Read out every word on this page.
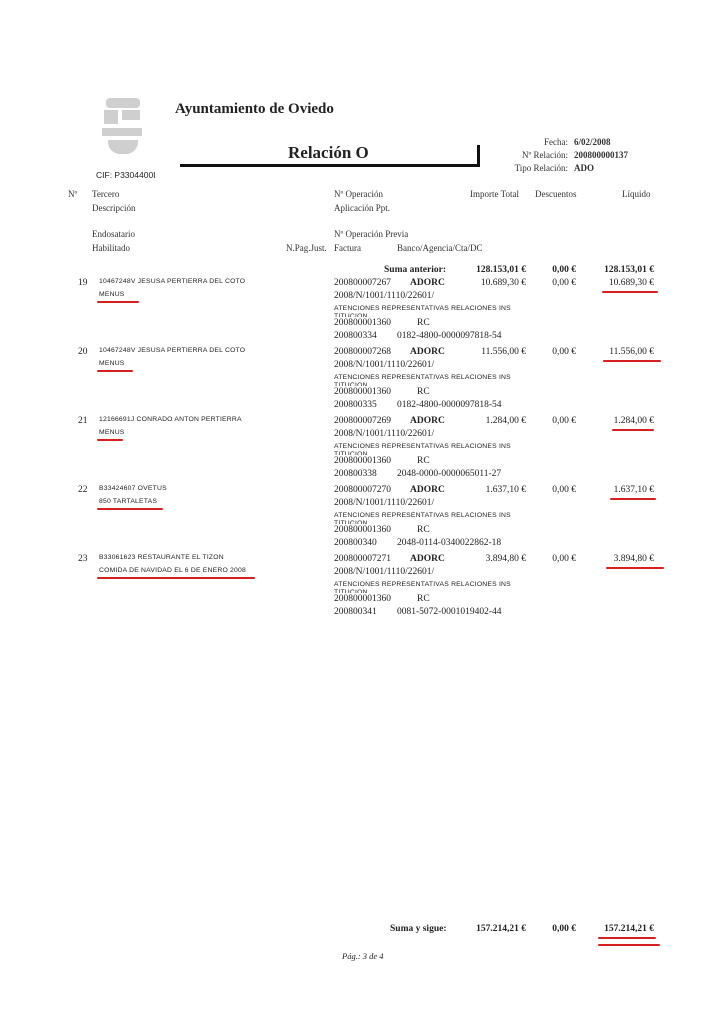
Ayuntamiento de Oviedo
Relación O
CIF: P3304400I
Fecha: 6/02/2008
Nº Relación: 200800000137
Tipo Relación: ADO
Nº Tercero
Descripción
Endosatario
Habilitado	N.Pag.Just.
Nº Operación
Aplicación Ppt.
Nº Operación Previa
Factura	Banco/Agencia/Cta/DC
Importe Total Descuentos	Líquido
Suma anterior:	128.153,01 €	0,00 €	128.153,01 €
19 10467248V JESUSA PERTIERRA DEL COTO
MENUS
200800007267 ADORC	10.689,30 €	0,00 €	10.689,30 €
2008/N/1001/1110/22601/
ATENCIONES REPRESENTATIVAS RELACIONES INS
TITUCION
200800001360	RC
200800334 0182-4800-0000097818-54
20 10467248V JESUSA PERTIERRA DEL COTO
MENUS
200800007268 ADORC	11.556,00 €	0,00 €	11.556,00 €
2008/N/1001/1110/22601/
ATENCIONES REPRESENTATIVAS RELACIONES INS
TITUCION
200800001360	RC
200800335 0182-4800-0000097818-54
21 12166691J CONRADO ANTON PERTIERRA
MENUS
200800007269 ADORC	1.284,00 €	0,00 €	1.284,00 €
2008/N/1001/1110/22601/
ATENCIONES REPRESENTATIVAS RELACIONES INS
TITUCION
200800001360	RC
200800338 2048-0000-0000065011-27
22 B33424607 OVETUS
850 TARTALETAS
200800007270 ADORC	1.637,10 €	0,00 €	1.637,10 €
2008/N/1001/1110/22601/
ATENCIONES REPRESENTATIVAS RELACIONES INS
TITUCION
200800001360	RC
200800340 2048-0114-0340022862-18
23 B33061623 RESTAURANTE EL TIZON
COMIDA DE NAVIDAD EL 6 DE ENERO 2008
200800007271 ADORC	3.894,80 €	0,00 €	3.894,80 €
2008/N/1001/1110/22601/
ATENCIONES REPRESENTATIVAS RELACIONES INS
TITUCION
200800001360	RC
200800341 0081-5072-0001019402-44
Suma y sigue:	157.214,21 €	0,00 €	157.214,21 €
Pág.: 3 de 4
